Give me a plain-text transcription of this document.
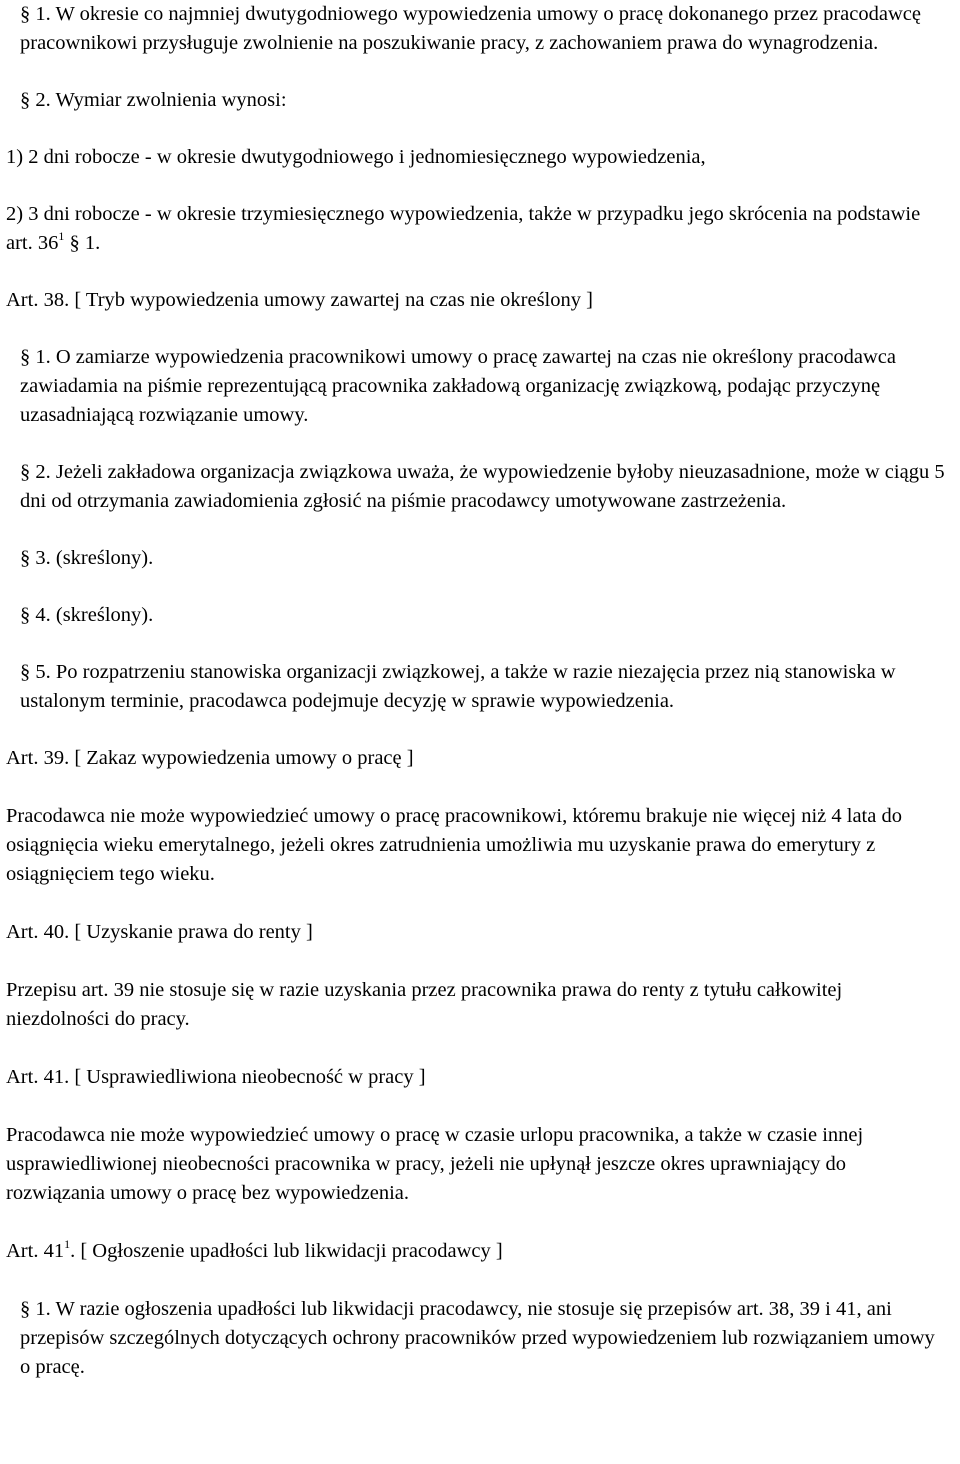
§ 1. W okresie co najmniej dwutygodniowego wypowiedzenia umowy o pracę dokonanego przez pracodawcę pracownikowi przysługuje zwolnienie na poszukiwanie pracy, z zachowaniem prawa do wynagrodzenia.

§ 2. Wymiar zwolnienia wynosi:

1) 2 dni robocze - w okresie dwutygodniowego i jednomiesięcznego wypowiedzenia,

2) 3 dni robocze - w okresie trzymiesięcznego wypowiedzenia, także w przypadku jego skrócenia na podstawie art. $36^1$ § 1.

Art. 38. [ Tryb wypowiedzenia umowy zawartej na czas nie określony ]

§ 1. O zamiarze wypowiedzenia pracownikowi umowy o pracę zawartej na czas nie określony pracodawca zawiadamia na piśmie reprezentującą pracownika zakładową organizację związkową, podając przyczynę uzasadniającą rozwiązanie umowy.

§ 2. Jeżeli zakładowa organizacja związkowa uważa, że wypowiedzenie byłoby nieuzasadnione, może w ciągu 5 dni od otrzymania zawiadomienia zgłosić na piśmie pracodawcy umotywowane zastrzeżenia.

§ 3. (skreślony).

§ 4. (skreślony).

§ 5. Po rozpatrzeniu stanowiska organizacji związkowej, a także w razie niezajęcia przez nią stanowiska w ustalonym terminie, pracodawca podejmuje decyzję w sprawie wypowiedzenia.

Art. 39. [ Zakaz wypowiedzenia umowy o pracę ]

Pracodawca nie może wypowiedzieć umowy o pracę pracownikowi, któremu brakuje nie więcej niż 4 lata do osiągnięcia wieku emerytalnego, jeżeli okres zatrudnienia umożliwia mu uzyskanie prawa do emerytury z osiągnięciem tego wieku.

Art. 40. [ Uzyskanie prawa do renty ]

Przepisu art. 39 nie stosuje się w razie uzyskania przez pracownika prawa do renty z tytułu całkowitej niezdolności do pracy.

Art. 41. [ Usprawiedliwiona nieobecność w pracy ]

Pracodawca nie może wypowiedzieć umowy o pracę w czasie urlopu pracownika, a także w czasie innej usprawiedliwionej nieobecności pracownika w pracy, jeżeli nie upłynął jeszcze okres uprawniający do rozwiązania umowy o pracę bez wypowiedzenia.

Art. $41^1$. [ Ogłoszenie upadłości lub likwidacji pracodawcy ]

§ 1. W razie ogłoszenia upadłości lub likwidacji pracodawcy, nie stosuje się przepisów art. 38, 39 i 41, ani przepisów szczególnych dotyczących ochrony pracowników przed wypowiedzeniem lub rozwiązaniem umowy o pracę.
